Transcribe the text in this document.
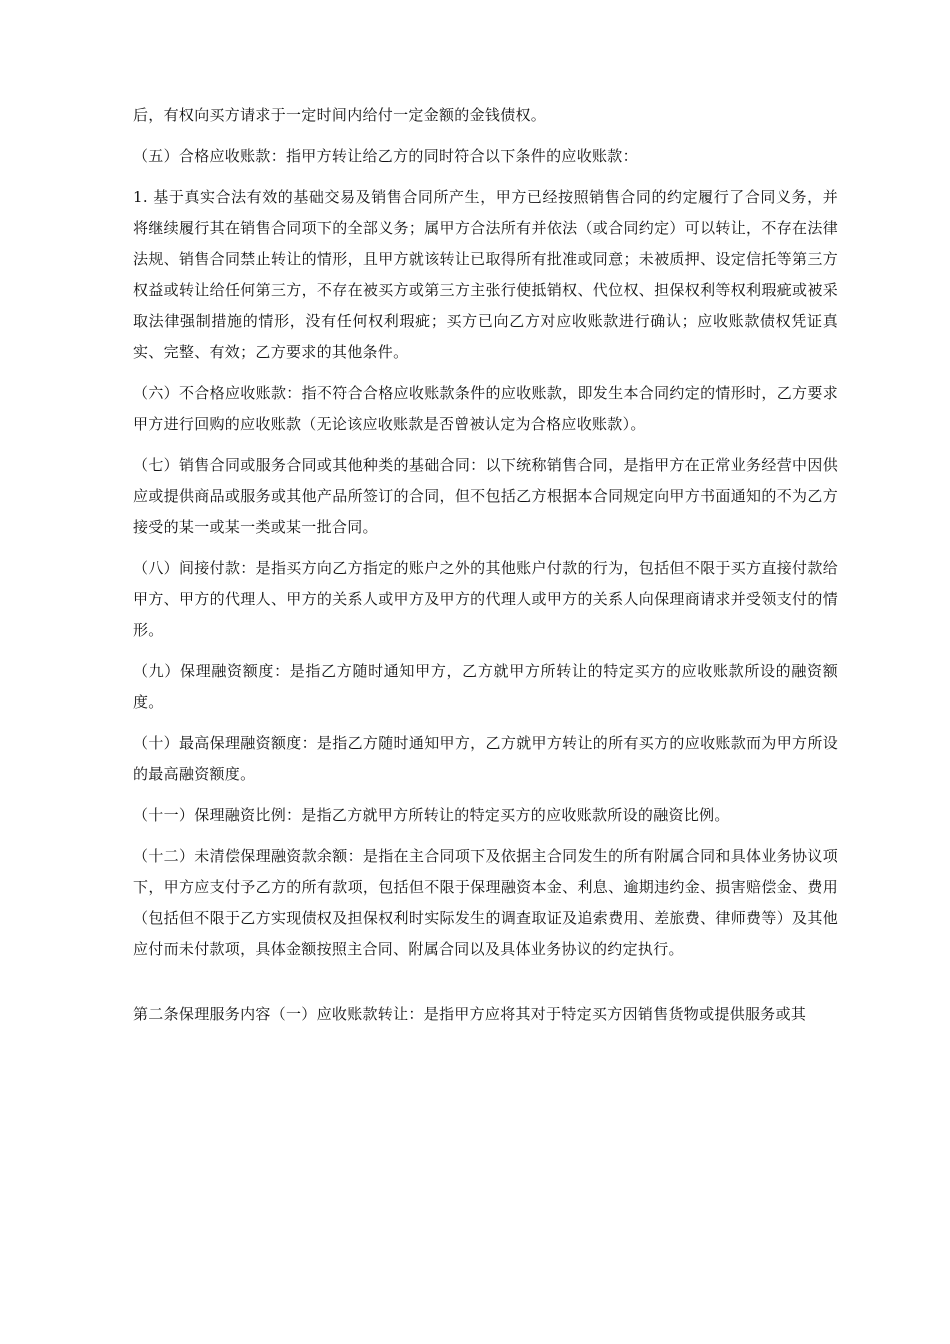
后，有权向买方请求于一定时间内给付一定金额的金钱债权。

（五）合格应收账款：指甲方转让给乙方的同时符合以下条件的应收账款：

1. 基于真实合法有效的基础交易及销售合同所产生，甲方已经按照销售合同的约定履行了合同义务，并将继续履行其在销售合同项下的全部义务；属甲方合法所有并依法（或合同约定）可以转让，不存在法律法规、销售合同禁止转让的情形，且甲方就该转让已取得所有批准或同意；未被质押、设定信托等第三方权益或转让给任何第三方，不存在被买方或第三方主张行使抵销权、代位权、担保权利等权利瑕疵或被采取法律强制措施的情形，没有任何权利瑕疵；买方已向乙方对应收账款进行确认；应收账款债权凭证真实、完整、有效；乙方要求的其他条件。

（六）不合格应收账款：指不符合合格应收账款条件的应收账款，即发生本合同约定的情形时，乙方要求甲方进行回购的应收账款（无论该应收账款是否曾被认定为合格应收账款）。

（七）销售合同或服务合同或其他种类的基础合同：以下统称销售合同，是指甲方在正常业务经营中因供应或提供商品或服务或其他产品所签订的合同，但不包括乙方根据本合同规定向甲方书面通知的不为乙方接受的某一或某一类或某一批合同。

（八）间接付款：是指买方向乙方指定的账户之外的其他账户付款的行为，包括但不限于买方直接付款给甲方、甲方的代理人、甲方的关系人或甲方及甲方的代理人或甲方的关系人向保理商请求并受领支付的情形。

（九）保理融资额度：是指乙方随时通知甲方，乙方就甲方所转让的特定买方的应收账款所设的融资额度。

（十）最高保理融资额度：是指乙方随时通知甲方，乙方就甲方转让的所有买方的应收账款而为甲方所设的最高融资额度。

（十一）保理融资比例：是指乙方就甲方所转让的特定买方的应收账款所设的融资比例。

（十二）未清偿保理融资款余额：是指在主合同项下及依据主合同发生的所有附属合同和具体业务协议项下，甲方应支付予乙方的所有款项，包括但不限于保理融资本金、利息、逾期违约金、损害赔偿金、费用（包括但不限于乙方实现债权及担保权利时实际发生的调查取证及追索费用、差旅费、律师费等）及其他应付而未付款项，具体金额按照主合同、附属合同以及具体业务协议的约定执行。

第二条保理服务内容（一）应收账款转让：是指甲方应将其对于特定买方因销售货物或提供服务或其
